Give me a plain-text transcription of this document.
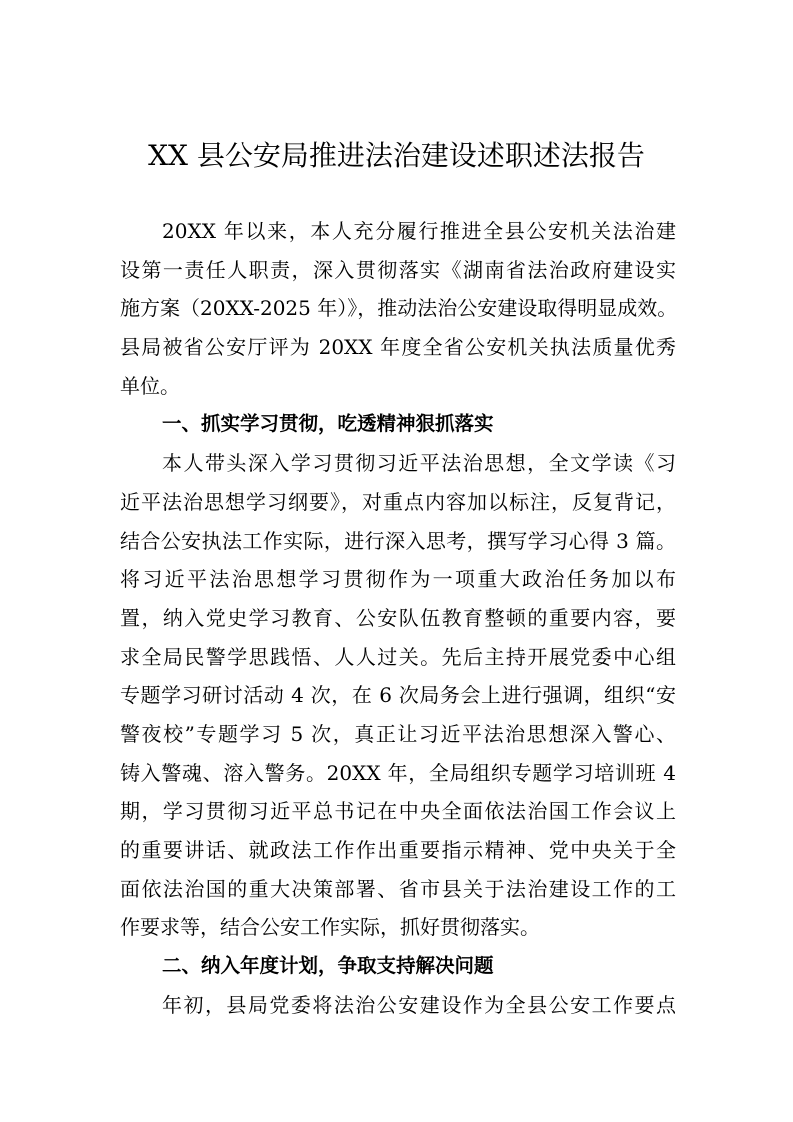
XX 县公安局推进法治建设述职述法报告
20XX 年以来，本人充分履行推进全县公安机关法治建
设第一责任人职责，深入贯彻落实《湖南省法治政府建设实
施方案（20XX-2025 年）》，推动法治公安建设取得明显成效。
县局被省公安厅评为 20XX 年度全省公安机关执法质量优秀
单位。
一、抓实学习贯彻，吃透精神狠抓落实
本人带头深入学习贯彻习近平法治思想，全文学读《习
近平法治思想学习纲要》，对重点内容加以标注，反复背记，
结合公安执法工作实际，进行深入思考，撰写学习心得 3 篇。
将习近平法治思想学习贯彻作为一项重大政治任务加以布
置，纳入党史学习教育、公安队伍教育整顿的重要内容，要
求全局民警学思践悟、人人过关。先后主持开展党委中心组
专题学习研讨活动 4 次，在 6 次局务会上进行强调，组织“安
警夜校”专题学习 5 次，真正让习近平法治思想深入警心、
铸入警魂、溶入警务。20XX 年，全局组织专题学习培训班 4
期，学习贯彻习近平总书记在中央全面依法治国工作会议上
的重要讲话、就政法工作作出重要指示精神、党中央关于全
面依法治国的重大决策部署、省市县关于法治建设工作的工
作要求等，结合公安工作实际，抓好贯彻落实。
二、纳入年度计划，争取支持解决问题
年初，县局党委将法治公安建设作为全县公安工作要点
